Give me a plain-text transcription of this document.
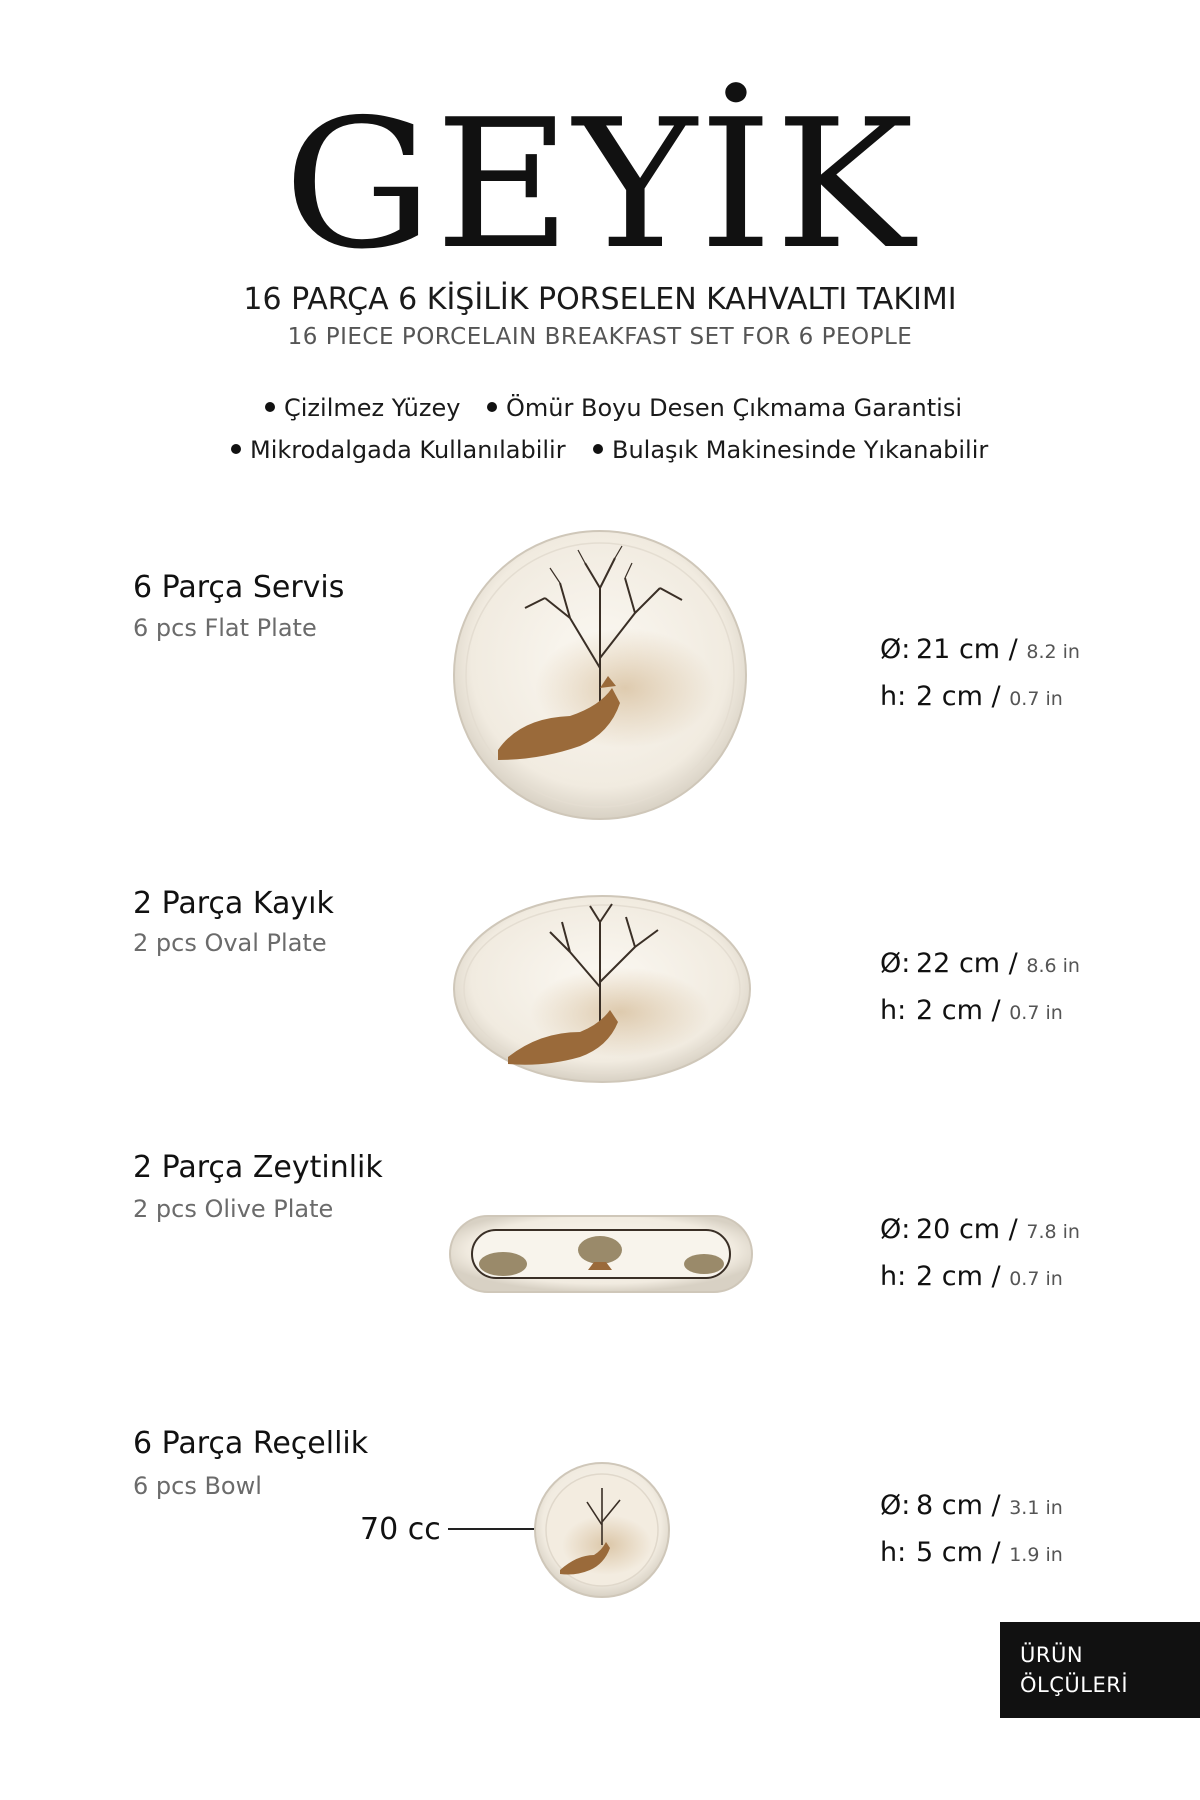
GEYİK
16 PARÇA 6 KİŞİLİK PORSELEN KAHVALTI TAKIMI
16 PIECE PORCELAIN BREAKFAST SET FOR 6 PEOPLE
Çizilmez Yüzey	Ömür Boyu Desen Çıkmama Garantisi
Mikrodalgada Kullanılabilir	Bulaşık Makinesinde Yıkanabilir
6 Parça Servis
6 pcs Flat Plate
Ø: 21 cm / 8.2 in
h: 2 cm / 0.7 in
2 Parça Kayık
2 pcs Oval Plate
Ø: 22 cm / 8.6 in
h: 2 cm / 0.7 in
2 Parça Zeytinlik
2 pcs Olive Plate
Ø: 20 cm / 7.8 in
h: 2 cm / 0.7 in
6 Parça Reçellik
6 pcs Bowl
70 cc
Ø: 8 cm / 3.1 in
h: 5 cm / 1.9 in
ÜRÜN
ÖLÇÜLERİ
